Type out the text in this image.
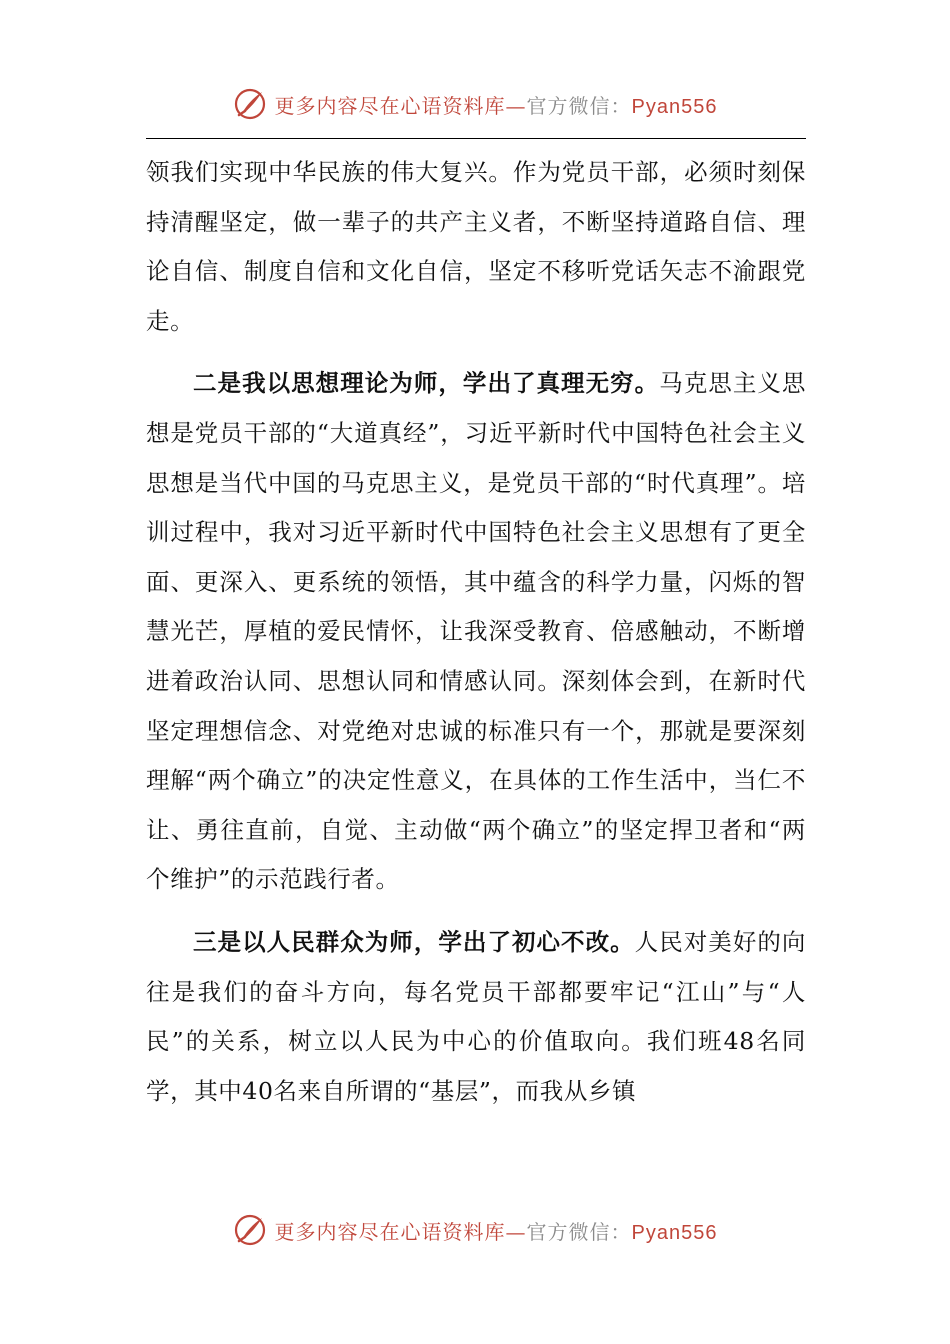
更多内容尽在心语资料库—官方微信：Pyan556

领我们实现中华民族的伟大复兴。作为党员干部，必须时刻保持清醒坚定，做一辈子的共产主义者，不断坚持道路自信、理论自信、制度自信和文化自信，坚定不移听党话矢志不渝跟党走。

二是我以思想理论为师，学出了真理无穷。马克思主义思想是党员干部的“大道真经”，习近平新时代中国特色社会主义思想是当代中国的马克思主义，是党员干部的“时代真理”。培训过程中，我对习近平新时代中国特色社会主义思想有了更全面、更深入、更系统的领悟，其中蕴含的科学力量，闪烁的智慧光芒，厚植的爱民情怀，让我深受教育、倍感触动，不断增进着政治认同、思想认同和情感认同。深刻体会到，在新时代坚定理想信念、对党绝对忠诚的标准只有一个，那就是要深刻理解“两个确立”的决定性意义，在具体的工作生活中，当仁不让、勇往直前，自觉、主动做“两个确立”的坚定捍卫者和“两个维护”的示范践行者。

三是以人民群众为师，学出了初心不改。人民对美好的向往是我们的奋斗方向，每名党员干部都要牢记“江山”与“人民”的关系，树立以人民为中心的价值取向。我们班48名同学，其中40名来自所谓的“基层”，而我从乡镇

更多内容尽在心语资料库—官方微信：Pyan556
